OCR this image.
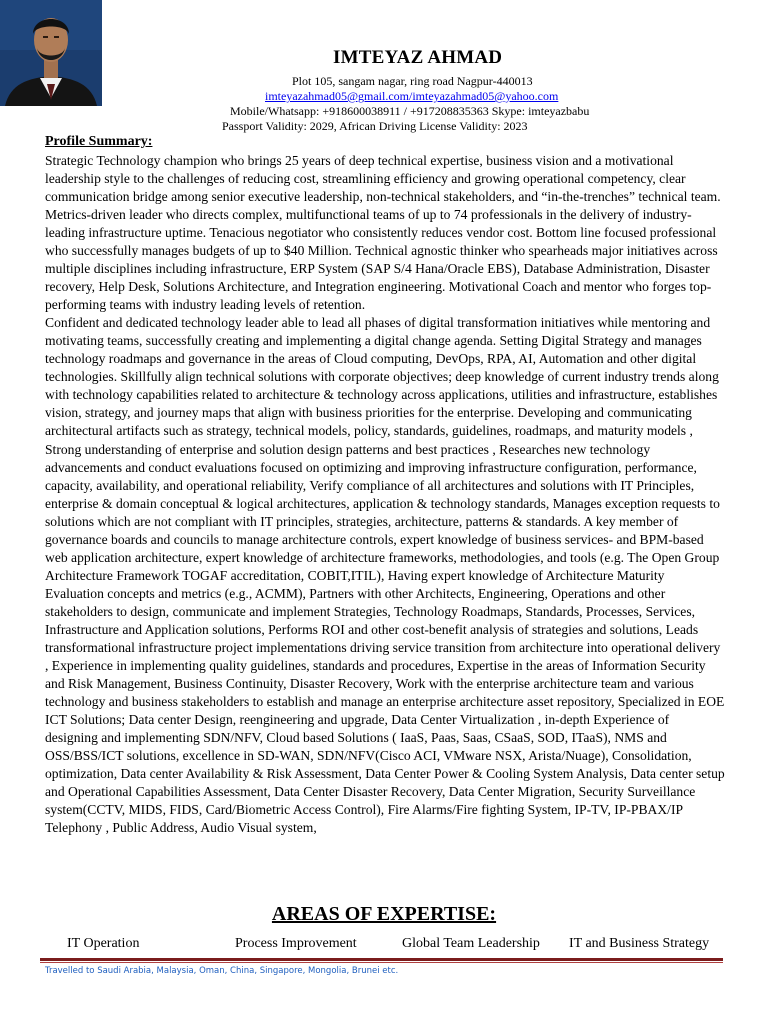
IMTEYAZ AHMAD
Plot 105, sangam nagar, ring road Nagpur-440013
imteyazahmad05@gmail.com/imteyazahmad05@yahoo.com
Mobile/Whatsapp: +918600038911 / +917208835363 Skype: imteyazbabu
Passport Validity: 2029, African Driving License Validity: 2023
Profile Summary:

Strategic Technology champion who brings 25 years of deep technical expertise, business vision and a motivational leadership style to the challenges of reducing cost, streamlining efficiency and growing operational competency, clear communication bridge among senior executive leadership, non-technical stakeholders, and “in-the-trenches” technical team. Metrics-driven leader who directs complex, multifunctional teams of up to 74 professionals in the delivery of industry-leading infrastructure uptime. Tenacious negotiator who consistently reduces vendor cost. Bottom line focused professional who successfully manages budgets of up to $40 Million. Technical agnostic thinker who spearheads major initiatives across multiple disciplines including infrastructure, ERP System (SAP S/4 Hana/Oracle EBS), Database Administration, Disaster recovery, Help Desk, Solutions Architecture, and Integration engineering. Motivational Coach and mentor who forges top-performing teams with industry leading levels of retention.

Confident and dedicated technology leader able to lead all phases of digital transformation initiatives while mentoring and motivating teams, successfully creating and implementing a digital change agenda. Setting Digital Strategy and manages technology roadmaps and governance in the areas of Cloud computing, DevOps, RPA, AI, Automation and other digital technologies. Skillfully align technical solutions with corporate objectives; deep knowledge of current industry trends along with technology capabilities related to architecture & technology across applications, utilities and infrastructure, establishes vision, strategy, and journey maps that align with business priorities for the enterprise. Developing and communicating architectural artifacts such as strategy, technical models, policy, standards, guidelines, roadmaps, and maturity models , Strong understanding of enterprise and solution design patterns and best practices , Researches new technology advancements and conduct evaluations focused on optimizing and improving infrastructure configuration, performance, capacity, availability, and operational reliability, Verify compliance of all architectures and solutions with IT Principles, enterprise & domain conceptual & logical architectures, application & technology standards, Manages exception requests to solutions which are not compliant with IT principles, strategies, architecture, patterns & standards. A key member of governance boards and councils to manage architecture controls, expert knowledge of business services- and BPM-based web application architecture, expert knowledge of architecture frameworks, methodologies, and tools (e.g. The Open Group Architecture Framework TOGAF accreditation, COBIT,ITIL), Having expert knowledge of Architecture Maturity Evaluation concepts and metrics (e.g., ACMM), Partners with other Architects, Engineering, Operations and other stakeholders to design, communicate and implement Strategies, Technology Roadmaps, Standards, Processes, Services, Infrastructure and Application solutions, Performs ROI and other cost-benefit analysis of strategies and solutions, Leads transformational infrastructure project implementations driving service transition from architecture into operational delivery , Experience in implementing quality guidelines, standards and procedures, Expertise in the areas of Information Security and Risk Management, Business Continuity, Disaster Recovery, Work with the enterprise architecture team and various technology and business stakeholders to establish and manage an enterprise architecture asset repository, Specialized in EOE ICT Solutions; Data center Design, reengineering and upgrade, Data Center Virtualization , in-depth Experience of designing and implementing SDN/NFV, Cloud based Solutions ( IaaS, Paas, Saas, CSaaS, SOD, ITaaS), NMS and OSS/BSS/ICT solutions, excellence in SD-WAN, SDN/NFV(Cisco ACI, VMware NSX, Arista/Nuage), Consolidation, optimization, Data center Availability & Risk Assessment, Data Center Power & Cooling System Analysis, Data center setup and Operational Capabilities Assessment, Data Center Disaster Recovery, Data Center Migration, Security Surveillance system(CCTV, MIDS, FIDS, Card/Biometric Access Control), Fire Alarms/Fire fighting System, IP-TV, IP-PBAX/IP Telephony , Public Address, Audio Visual system,

AREAS OF EXPERTISE:
IT Operation	Process Improvement	Global Team Leadership IT and Business Strategy
Travelled to Saudi Arabia, Malaysia, Oman, China, Singapore, Mongolia, Brunei etc.
